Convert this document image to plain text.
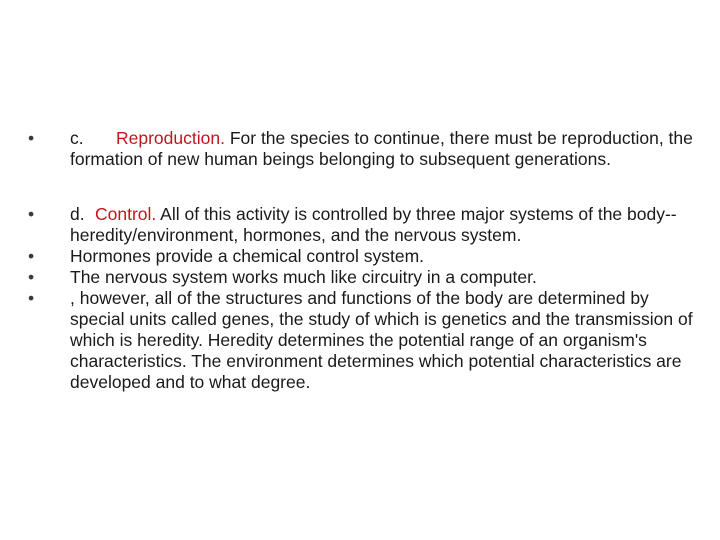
• c. Reproduction. For the species to continue, there must be reproduction, the formation of new human beings belonging to subsequent generations.
• d. Control. All of this activity is controlled by three major systems of the body--heredity/environment, hormones, and the nervous system.
• Hormones provide a chemical control system.
• The nervous system works much like circuitry in a computer.
• , however, all of the structures and functions of the body are determined by special units called genes, the study of which is genetics and the transmission of which is heredity. Heredity determines the potential range of an organism's characteristics. The environment determines which potential characteristics are developed and to what degree.
